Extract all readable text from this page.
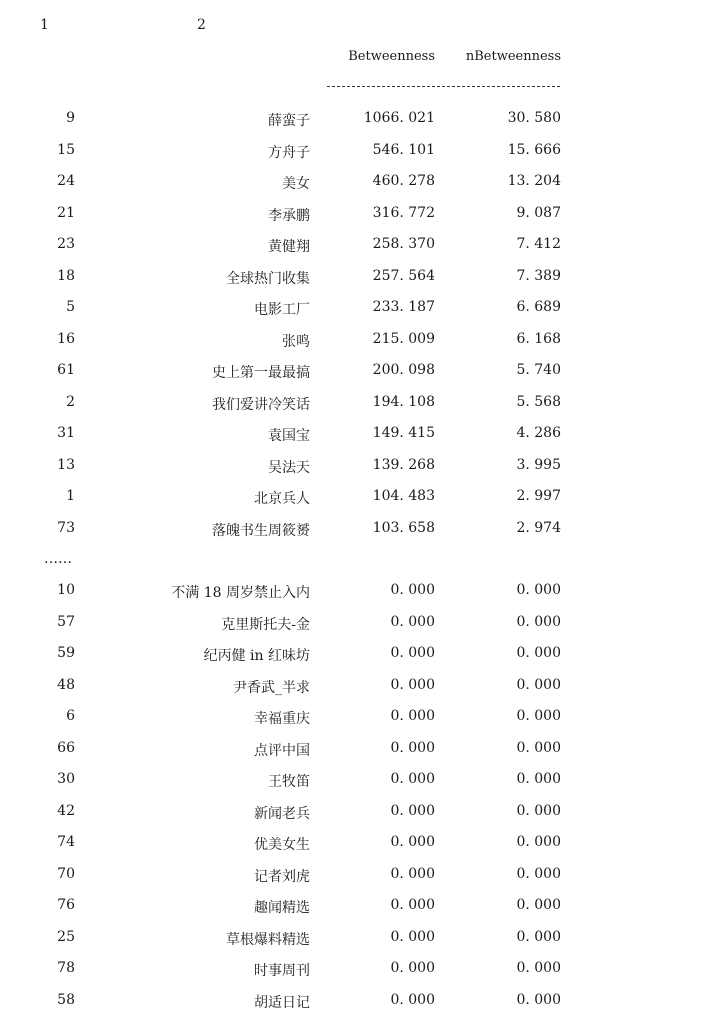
1	2
Betweenness nBetweenness
9	薛蛮子	1066. 021	30. 580
15	方舟子	546. 101	15. 666
24	美女	460. 278	13. 204
21	李承鹏	316. 772	9. 087
23	黄健翔	258. 370	7. 412
18	全球热门收集	257. 564	7. 389
5	电影工厂	233. 187	6. 689
16	张鸣	215. 009	6. 168
61	史上第一最最搞	200. 098	5. 740
2	我们爱讲冷笑话	194. 108	5. 568
31	袁国宝	149. 415	4. 286
13	吴法天	139. 268	3. 995
1	北京兵人	104. 483	2. 997
73	落魄书生周筱赟	103. 658	2. 974
10	不满 18 周岁禁止入内	0. 000	0. 000
57	克里斯托夫-金	0. 000	0. 000
59	纪丙健 in 红味坊	0. 000	0. 000
48	尹香武_半求	0. 000	0. 000
6	幸福重庆	0. 000	0. 000
66	点评中国	0. 000	0. 000
30	王牧笛	0. 000	0. 000
42	新闻老兵	0. 000	0. 000
74	优美女生	0. 000	0. 000
70	记者刘虎	0. 000	0. 000
76	趣闻精选	0. 000	0. 000
25	草根爆料精选	0. 000	0. 000
78	时事周刊	0. 000	0. 000
58	胡适日记	0. 000	0. 000
……
